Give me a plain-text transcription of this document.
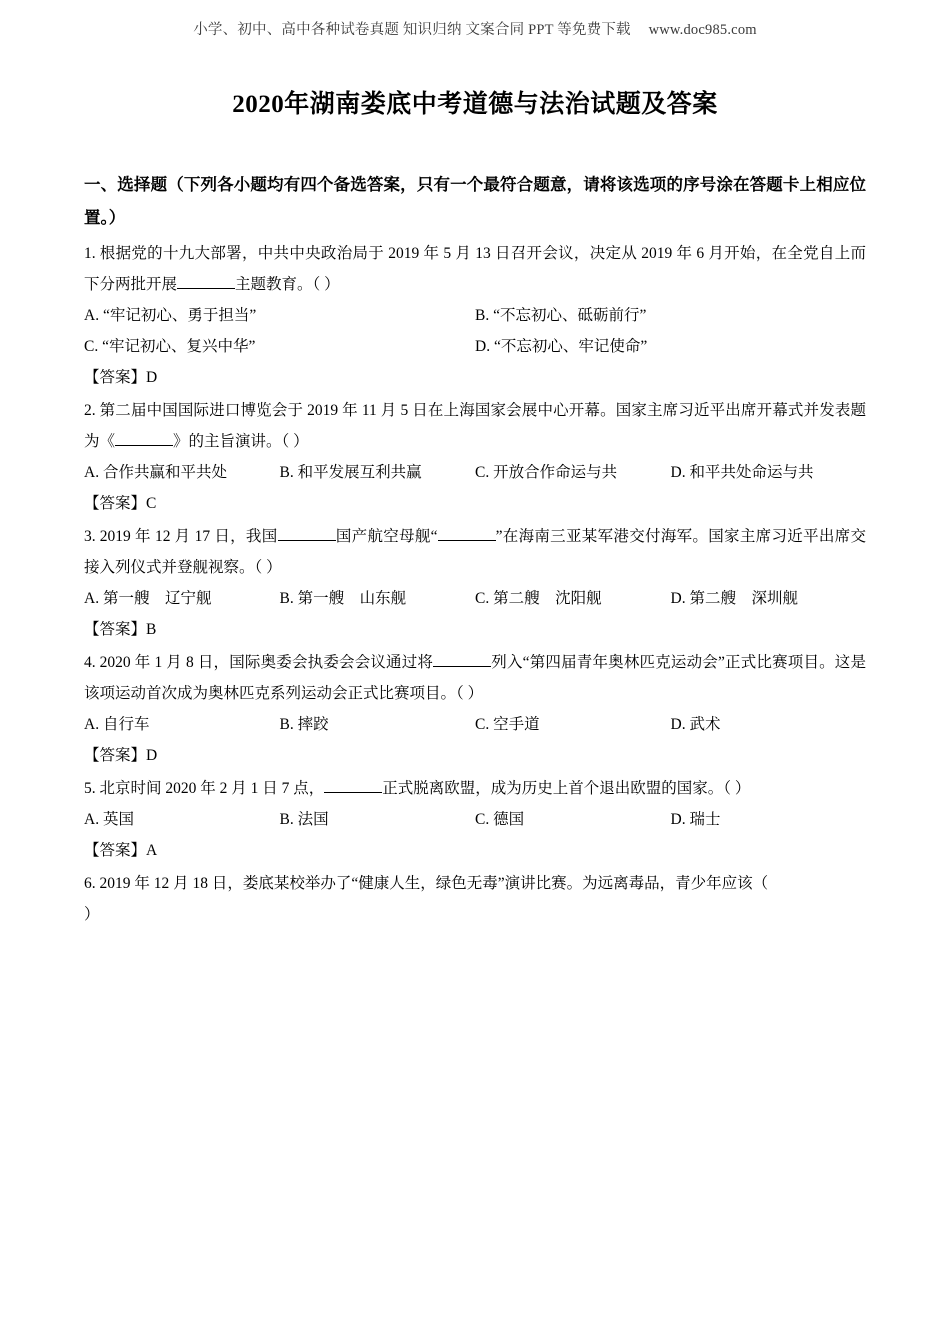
小学、初中、高中各种试卷真题 知识归纳 文案合同 PPT 等免费下载 www.doc985.com
2020年湖南娄底中考道德与法治试题及答案
一、选择题（下列各小题均有四个备选答案，只有一个最符合题意，请将该选项的序号涂在答题卡上相应位置。）
1. 根据党的十九大部署，中共中央政治局于 2019 年 5 月 13 日召开会议，决定从 2019 年 6 月开始，在全党自上而下分两批开展	主题教育。（ ）
A. “牢记初心、勇于担当”	B. “不忘初心、砥砺前行”
C. “牢记初心、复兴中华”	D. “不忘初心、牢记使命”
【答案】D
2. 第二届中国国际进口博览会于 2019 年 11 月 5 日在上海国家会展中心开幕。国家主席习近平出席开幕式并发表题为《	》的主旨演讲。（ ）
A. 合作共赢和平共处	B. 和平发展互利共赢	C. 开放合作命运与共	D. 和平共处命运与共
【答案】C
3. 2019 年 12 月 17 日，我国	国产航空母舰“	”在海南三亚某军港交付海军。国家主席习近平出席交接入列仪式并登舰视察。（ ）
A. 第一艘　辽宁舰	B. 第一艘　山东舰	C. 第二艘　沈阳舰	D. 第二艘　深圳舰
【答案】B
4. 2020 年 1 月 8 日，国际奥委会执委会会议通过将	列入“第四届青年奥林匹克运动会”正式比赛项目。这是该项运动首次成为奥林匹克系列运动会正式比赛项目。（ ）
A. 自行车	B. 摔跤	C. 空手道	D. 武术
【答案】D
5. 北京时间 2020 年 2 月 1 日 7 点，	正式脱离欧盟，成为历史上首个退出欧盟的国家。（ ）
A. 英国	B. 法国	C. 德国	D. 瑞士
【答案】A
6. 2019 年 12 月 18 日，娄底某校举办了“健康人生，绿色无毒”演讲比赛。为远离毒品，青少年应该（
）
